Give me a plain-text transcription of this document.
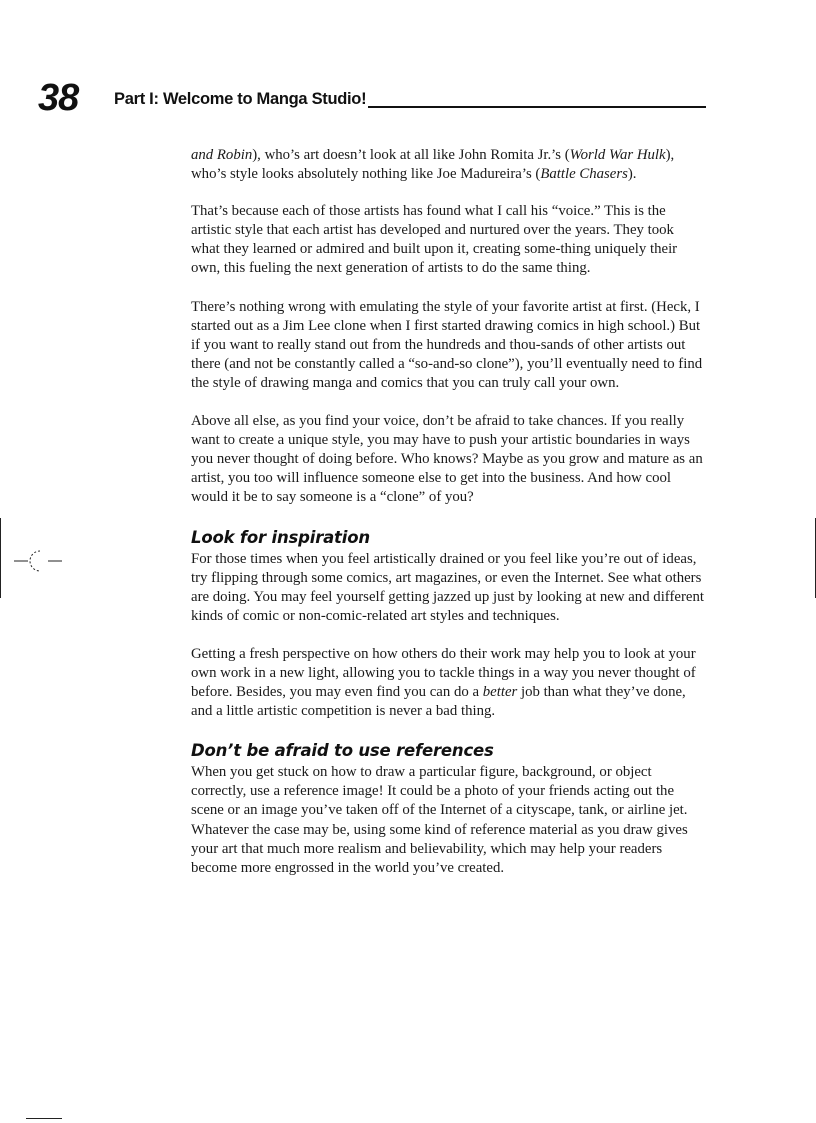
38 Part I: Welcome to Manga Studio!

and Robin), who’s art doesn’t look at all like John Romita Jr.’s (World War Hulk), who’s style looks absolutely nothing like Joe Madureira’s (Battle Chasers).

That’s because each of those artists has found what I call his “voice.” This is the artistic style that each artist has developed and nurtured over the years. They took what they learned or admired and built upon it, creating some-thing uniquely their own, this fueling the next generation of artists to do the same thing.

There’s nothing wrong with emulating the style of your favorite artist at first. (Heck, I started out as a Jim Lee clone when I first started drawing comics in high school.) But if you want to really stand out from the hundreds and thou-sands of other artists out there (and not be constantly called a “so-and-so clone”), you’ll eventually need to find the style of drawing manga and comics that you can truly call your own.

Above all else, as you find your voice, don’t be afraid to take chances. If you really want to create a unique style, you may have to push your artistic boundaries in ways you never thought of doing before. Who knows? Maybe as you grow and mature as an artist, you too will influence someone else to get into the business. And how cool would it be to say someone is a “clone” of you?

Look for inspiration

For those times when you feel artistically drained or you feel like you’re out of ideas, try flipping through some comics, art magazines, or even the Internet. See what others are doing. You may feel yourself getting jazzed up just by looking at new and different kinds of comic or non-comic-related art styles and techniques.

Getting a fresh perspective on how others do their work may help you to look at your own work in a new light, allowing you to tackle things in a way you never thought of before. Besides, you may even find you can do a better job than what they’ve done, and a little artistic competition is never a bad thing.

Don’t be afraid to use references

When you get stuck on how to draw a particular figure, background, or object correctly, use a reference image! It could be a photo of your friends acting out the scene or an image you’ve taken off of the Internet of a cityscape, tank, or airline jet. Whatever the case may be, using some kind of reference material as you draw gives your art that much more realism and believability, which may help your readers become more engrossed in the world you’ve created.
